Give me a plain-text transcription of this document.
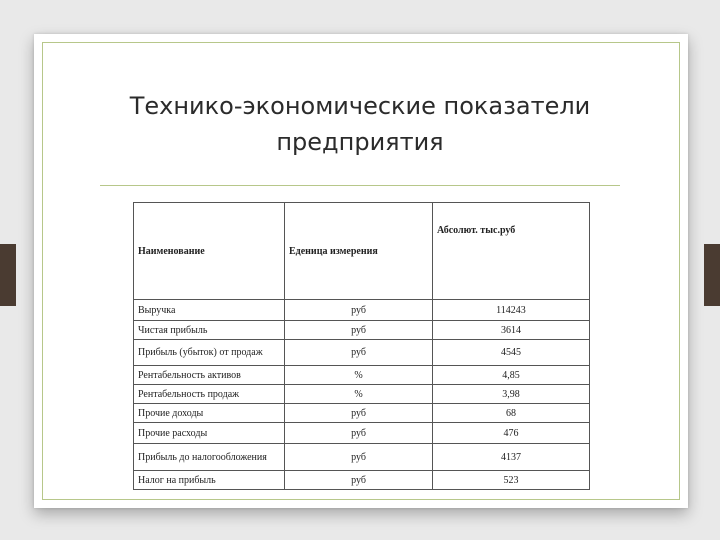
Технико-экономические показатели
предприятия
Наименование	Еденица измерения	Абсолют. тыс.руб
Выручка	руб	114243
Чистая прибыль	руб	3614
Прибыль (убыток) от продаж	руб	4545
Рентабельность активов	%	4,85
Рентабельность продаж	%	3,98
Прочие доходы	руб	68
Прочие расходы	руб	476
Прибыль до налогообложения	руб	4137
Налог на прибыль	руб	523
